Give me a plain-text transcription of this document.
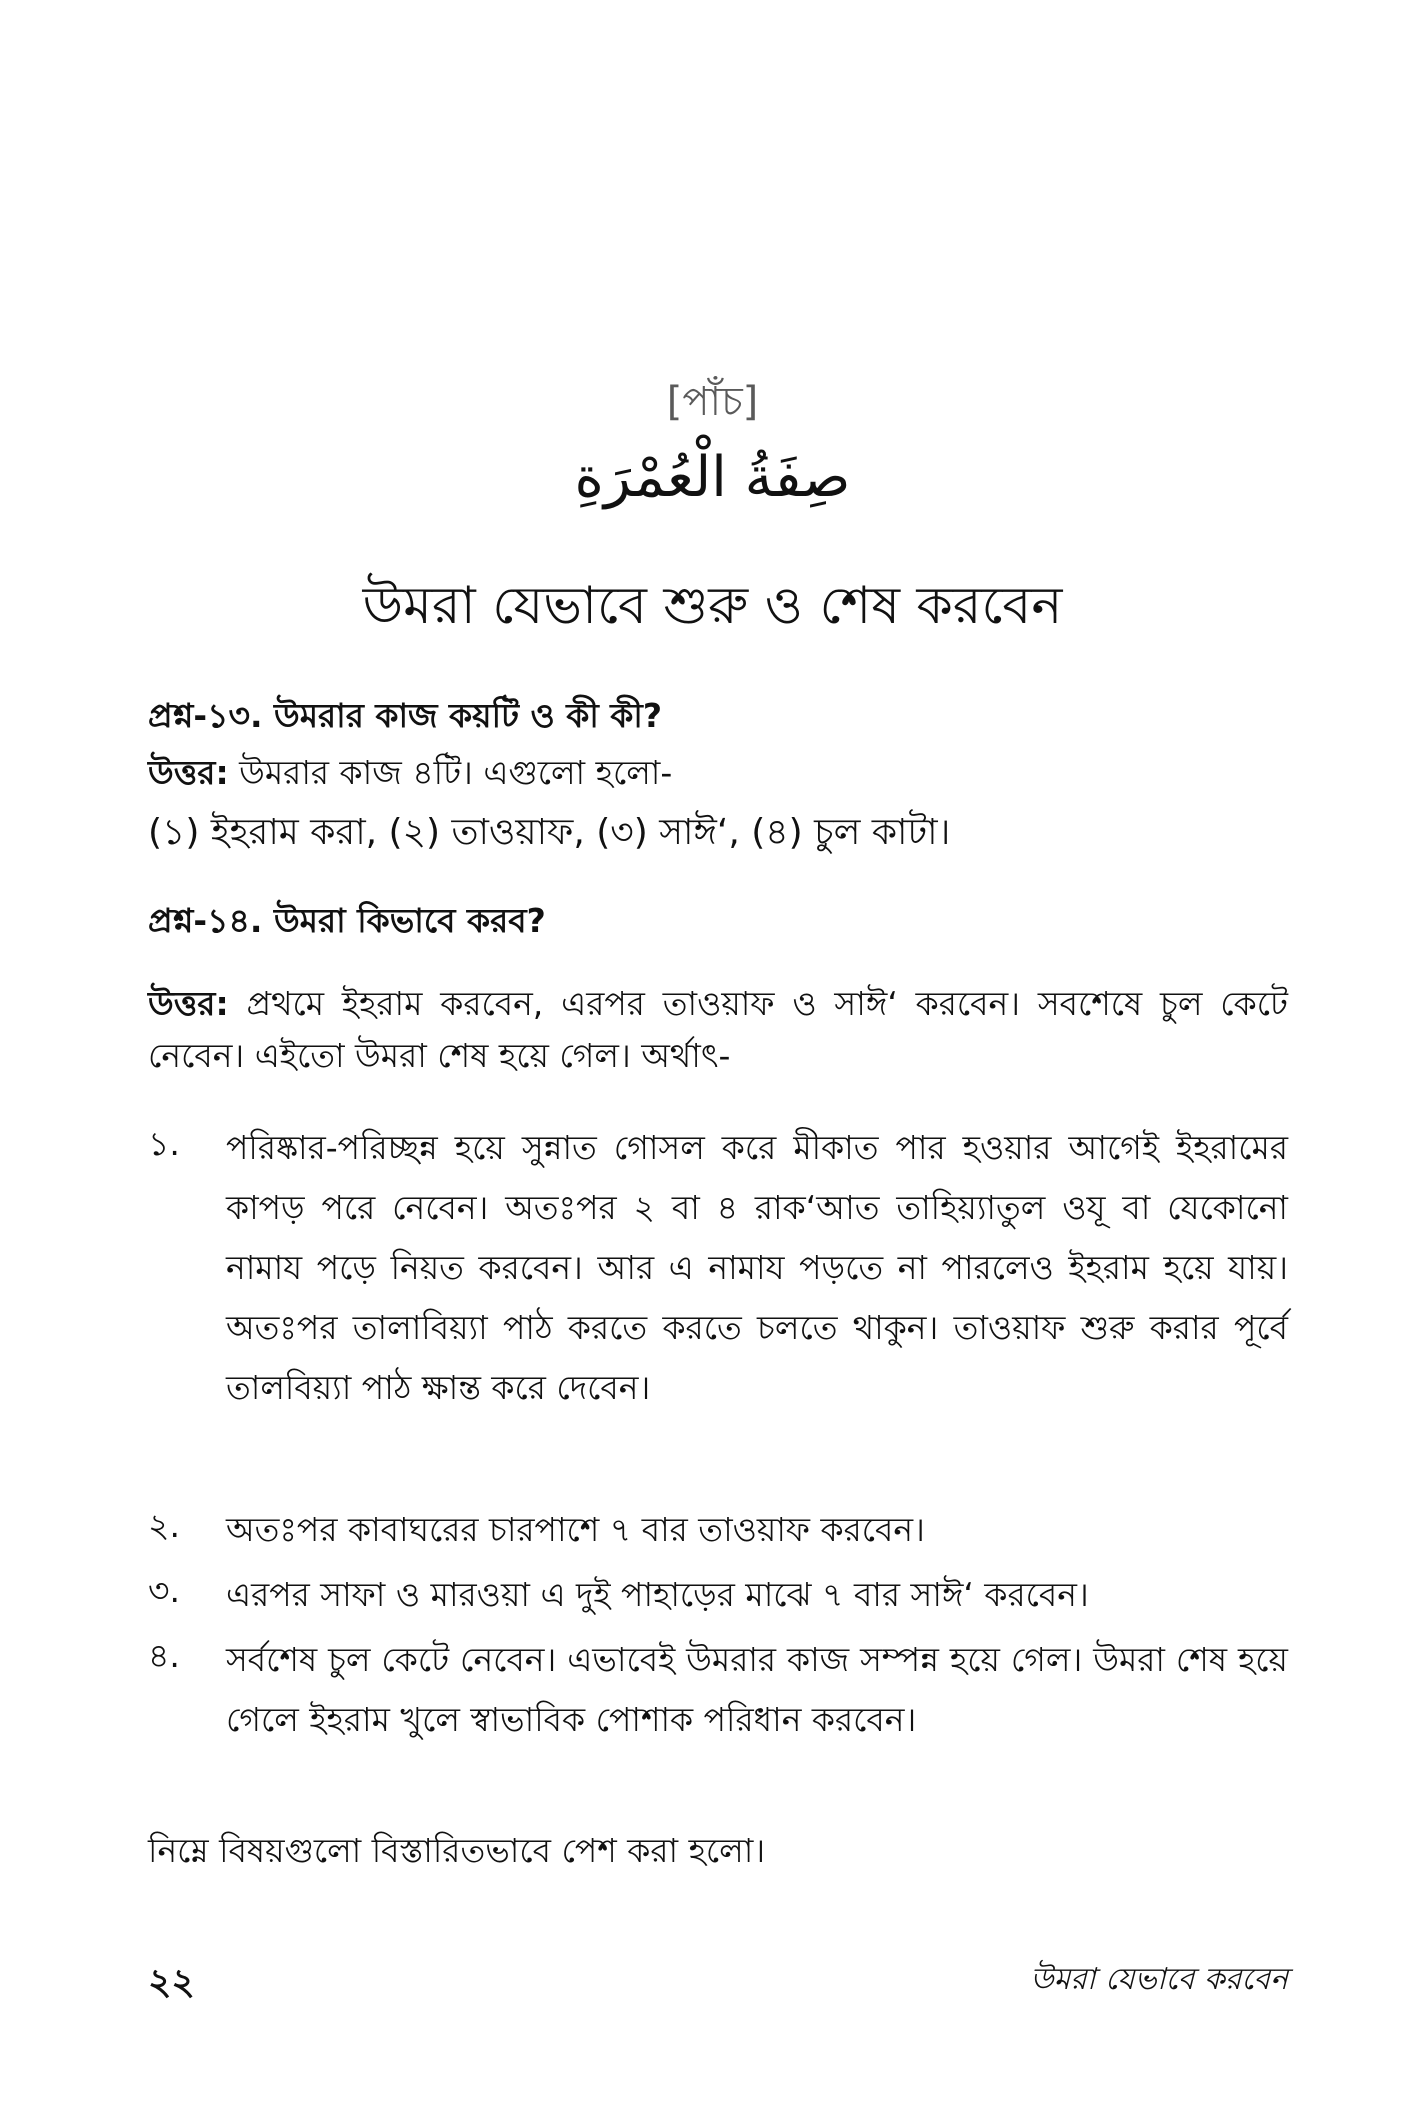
[পাঁচ]
صِفَةُ الْعُمْرَةِ
উমরা যেভাবে শুরু ও শেষ করবেন
প্রশ্ন-১৩. উমরার কাজ কয়টি ও কী কী?
উত্তর: উমরার কাজ ৪টি। এগুলো হলো-
(১) ইহরাম করা, (২) তাওয়াফ, (৩) সাঈ‘, (৪) চুল কাটা।
প্রশ্ন-১৪. উমরা কিভাবে করব?
উত্তর: প্রথমে ইহরাম করবেন, এরপর তাওয়াফ ও সাঈ‘ করবেন। সবশেষে চুল কেটে নেবেন। এইতো উমরা শেষ হয়ে গেল। অর্থাৎ-
১.	পরিষ্কার-পরিচ্ছন্ন হয়ে সুন্নাত গোসল করে মীকাত পার হওয়ার আগেই ইহরামের কাপড় পরে নেবেন। অতঃপর ২ বা ৪ রাক‘আত তাহিয়্যাতুল ওযূ বা যেকোনো নামায পড়ে নিয়ত করবেন। আর এ নামায পড়তে না পারলেও ইহরাম হয়ে যায়। অতঃপর তালাবিয়্যা পাঠ করতে করতে চলতে থাকুন। তাওয়াফ শুরু করার পূর্বে তালবিয়্যা পাঠ ক্ষান্ত করে দেবেন।
২.	অতঃপর কাবাঘরের চারপাশে ৭ বার তাওয়াফ করবেন।
৩.	এরপর সাফা ও মারওয়া এ দুই পাহাড়ের মাঝে ৭ বার সাঈ‘ করবেন।
৪.	সর্বশেষ চুল কেটে নেবেন। এভাবেই উমরার কাজ সম্পন্ন হয়ে গেল। উমরা শেষ হয়ে গেলে ইহরাম খুলে স্বাভাবিক পোশাক পরিধান করবেন।
নিম্নে বিষয়গুলো বিস্তারিতভাবে পেশ করা হলো।
২২	উমরা যেভাবে করবেন
